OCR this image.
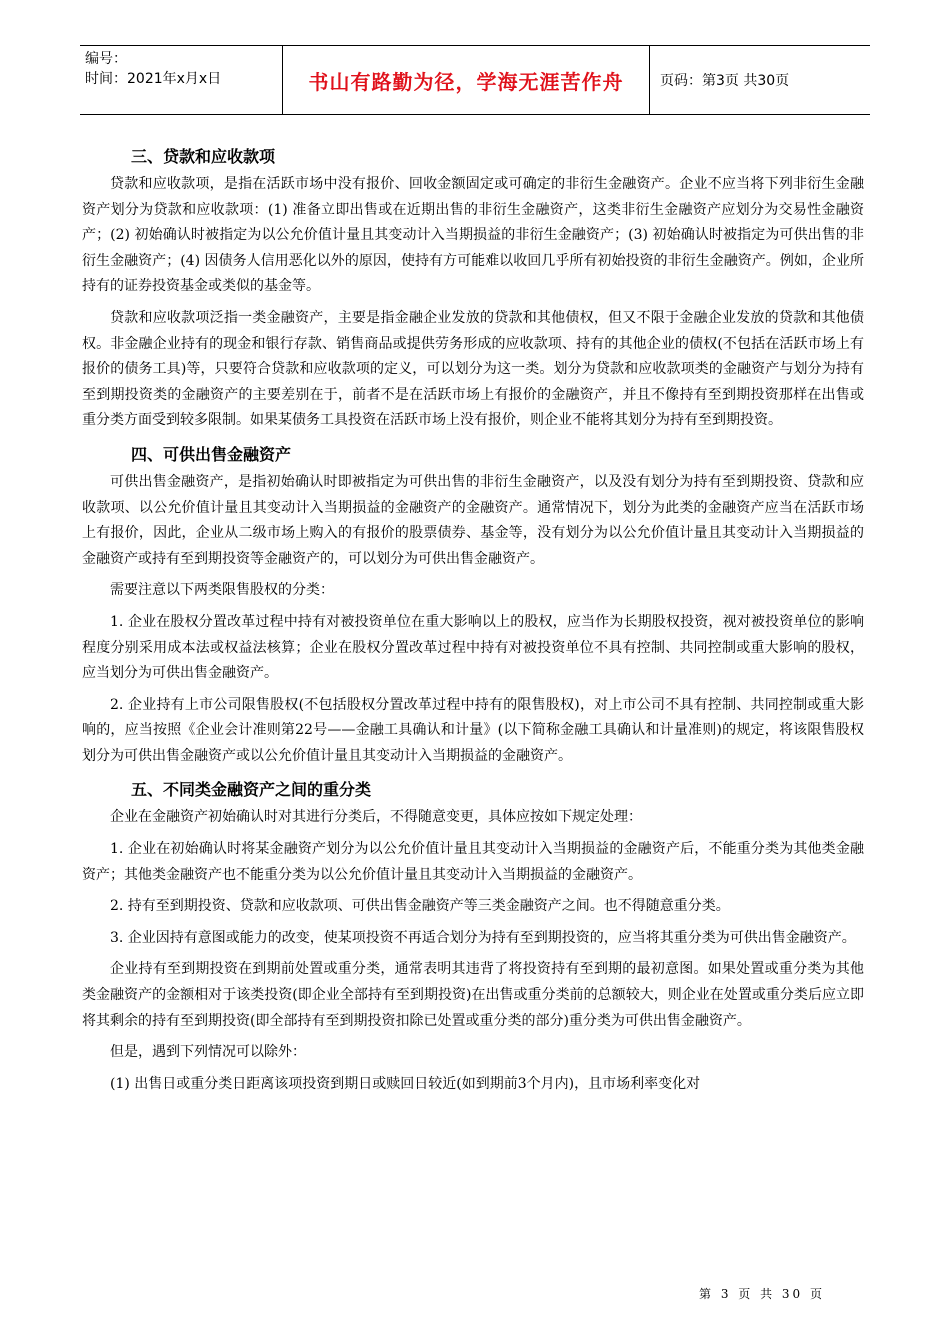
编号：
时间：2021年x月x日	书山有路勤为径，学海无涯苦作舟	页码：第3页 共30页
三、贷款和应收款项

贷款和应收款项，是指在活跃市场中没有报价、回收金额固定或可确定的非衍生金融资产。企业不应当将下列非衍生金融资产划分为贷款和应收款项：(1) 准备立即出售或在近期出售的非衍生金融资产，这类非衍生金融资产应划分为交易性金融资产；(2) 初始确认时被指定为以公允价值计量且其变动计入当期损益的非衍生金融资产；(3) 初始确认时被指定为可供出售的非衍生金融资产；(4) 因债务人信用恶化以外的原因，使持有方可能难以收回几乎所有初始投资的非衍生金融资产。例如，企业所持有的证券投资基金或类似的基金等。

贷款和应收款项泛指一类金融资产，主要是指金融企业发放的贷款和其他债权，但又不限于金融企业发放的贷款和其他债权。非金融企业持有的现金和银行存款、销售商品或提供劳务形成的应收款项、持有的其他企业的债权(不包括在活跃市场上有报价的债务工具)等，只要符合贷款和应收款项的定义，可以划分为这一类。划分为贷款和应收款项类的金融资产与划分为持有至到期投资类的金融资产的主要差别在于，前者不是在活跃市场上有报价的金融资产，并且不像持有至到期投资那样在出售或重分类方面受到较多限制。如果某债务工具投资在活跃市场上没有报价，则企业不能将其划分为持有至到期投资。

四、可供出售金融资产

可供出售金融资产，是指初始确认时即被指定为可供出售的非衍生金融资产，以及没有划分为持有至到期投资、贷款和应收款项、以公允价值计量且其变动计入当期损益的金融资产的金融资产。通常情况下，划分为此类的金融资产应当在活跃市场上有报价，因此，企业从二级市场上购入的有报价的股票债券、基金等，没有划分为以公允价值计量且其变动计入当期损益的金融资产或持有至到期投资等金融资产的，可以划分为可供出售金融资产。

需要注意以下两类限售股权的分类：

1. 企业在股权分置改革过程中持有对被投资单位在重大影响以上的股权，应当作为长期股权投资，视对被投资单位的影响程度分别采用成本法或权益法核算；企业在股权分置改革过程中持有对被投资单位不具有控制、共同控制或重大影响的股权，应当划分为可供出售金融资产。

2. 企业持有上市公司限售股权(不包括股权分置改革过程中持有的限售股权)，对上市公司不具有控制、共同控制或重大影响的，应当按照《企业会计准则第22号——金融工具确认和计量》(以下简称金融工具确认和计量准则)的规定，将该限售股权划分为可供出售金融资产或以公允价值计量且其变动计入当期损益的金融资产。

五、不同类金融资产之间的重分类

企业在金融资产初始确认时对其进行分类后，不得随意变更，具体应按如下规定处理：

1. 企业在初始确认时将某金融资产划分为以公允价值计量且其变动计入当期损益的金融资产后，不能重分类为其他类金融资产；其他类金融资产也不能重分类为以公允价值计量且其变动计入当期损益的金融资产。

2. 持有至到期投资、贷款和应收款项、可供出售金融资产等三类金融资产之间。也不得随意重分类。

3. 企业因持有意图或能力的改变，使某项投资不再适合划分为持有至到期投资的，应当将其重分类为可供出售金融资产。

企业持有至到期投资在到期前处置或重分类，通常表明其违背了将投资持有至到期的最初意图。如果处置或重分类为其他类金融资产的金额相对于该类投资(即企业全部持有至到期投资)在出售或重分类前的总额较大，则企业在处置或重分类后应立即将其剩余的持有至到期投资(即全部持有至到期投资扣除已处置或重分类的部分)重分类为可供出售金融资产。

但是，遇到下列情况可以除外：

(1) 出售日或重分类日距离该项投资到期日或赎回日较近(如到期前3个月内)，且市场利率变化对

第 3 页 共 30 页
